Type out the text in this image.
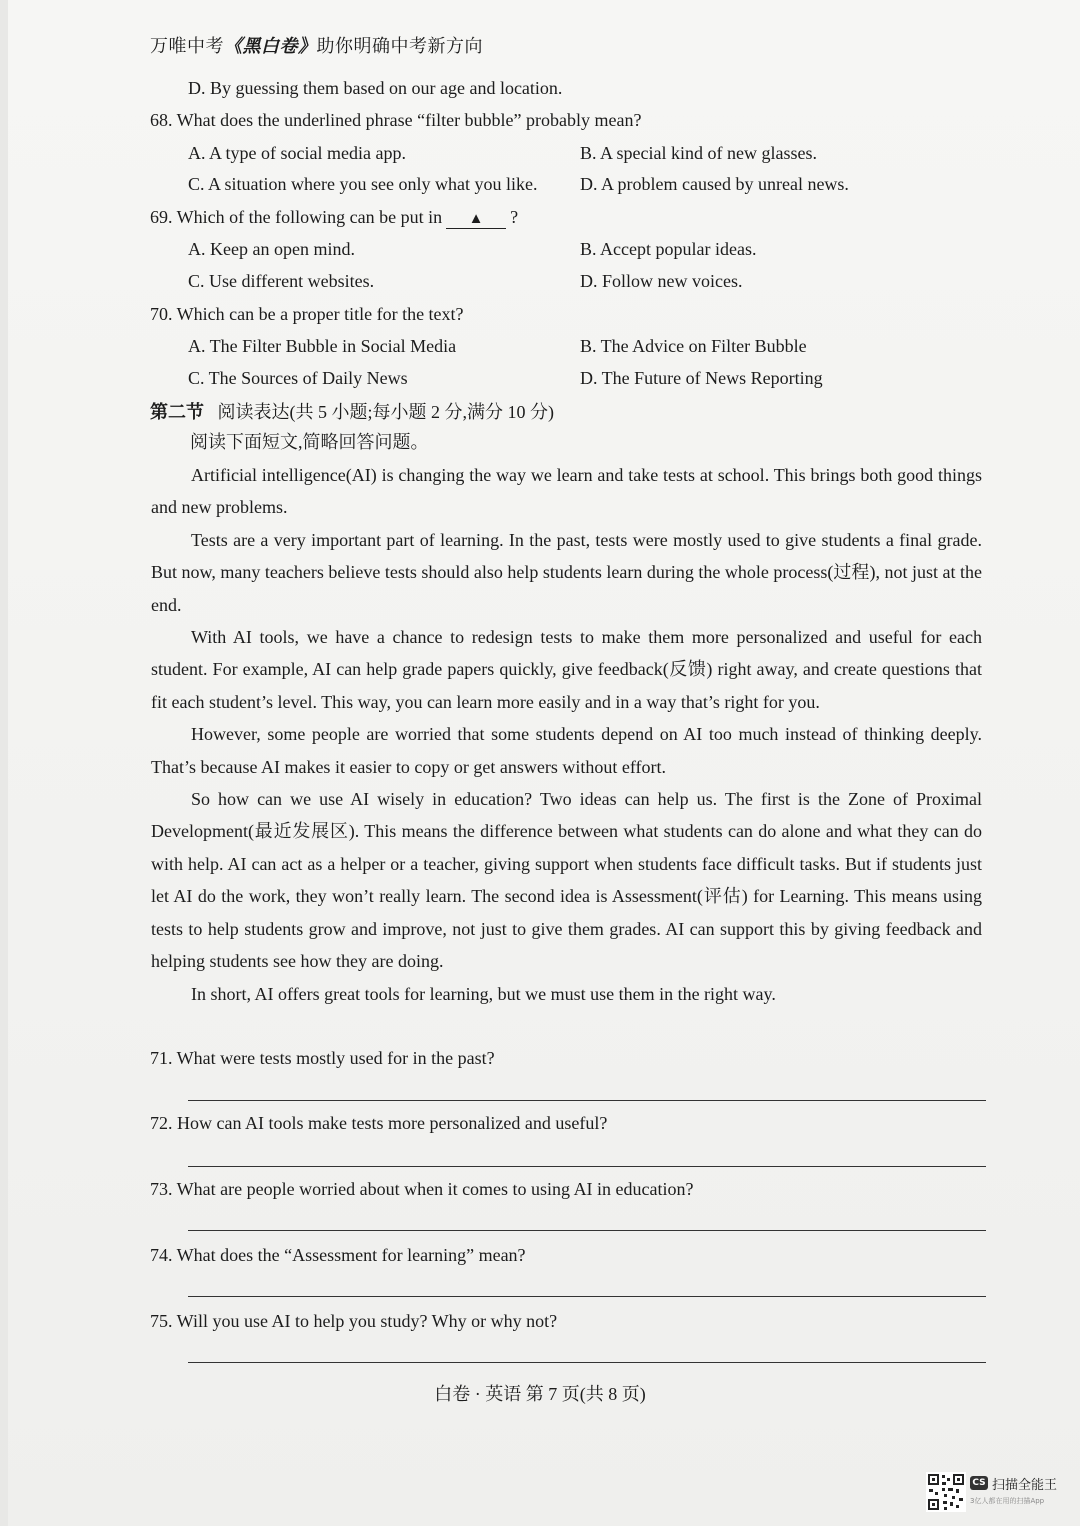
万唯中考《黑白卷》助你明确中考新方向
D. By guessing them based on our age and location.
68. What does the underlined phrase “filter bubble” probably mean?
A. A type of social media app.	B. A special kind of new glasses.
C. A situation where you see only what you like. D. A problem caused by unreal news.
69. Which of the following can be put in ▲ ?
A. Keep an open mind.	B. Accept popular ideas.
C. Use different websites.	D. Follow new voices.
70. Which can be a proper title for the text?
A. The Filter Bubble in Social Media	B. The Advice on Filter Bubble
C. The Sources of Daily News	D. The Future of News Reporting
第二节 阅读表达(共 5 小题;每小题 2 分,满分 10 分)
阅读下面短文,简略回答问题。

Artificial intelligence(AI) is changing the way we learn and take tests at school. This brings both good things and new problems.

Tests are a very important part of learning. In the past, tests were mostly used to give students a final grade. But now, many teachers believe tests should also help students learn during the whole process(过程), not just at the end.

With AI tools, we have a chance to redesign tests to make them more personalized and useful for each student. For example, AI can help grade papers quickly, give feedback(反馈) right away, and create questions that fit each student’s level. This way, you can learn more easily and in a way that’s right for you.

However, some people are worried that some students depend on AI too much instead of thinking deeply. That’s because AI makes it easier to copy or get answers without effort.

So how can we use AI wisely in education? Two ideas can help us. The first is the Zone of Proximal Development(最近发展区). This means the difference between what students can do alone and what they can do with help. AI can act as a helper or a teacher, giving support when students face difficult tasks. But if students just let AI do the work, they won’t really learn. The second idea is Assessment(评估) for Learning. This means using tests to help students grow and improve, not just to give them grades. AI can support this by giving feedback and helping students see how they are doing.

In short, AI offers great tools for learning, but we must use them in the right way.

71. What were tests mostly used for in the past?
72. How can AI tools make tests more personalized and useful?
73. What are people worried about when it comes to using AI in education?
74. What does the “Assessment for learning” mean?
75. Will you use AI to help you study? Why or why not?
白卷 · 英语 第 7 页(共 8 页)
CS 扫描全能王
3亿人都在用的扫描App
